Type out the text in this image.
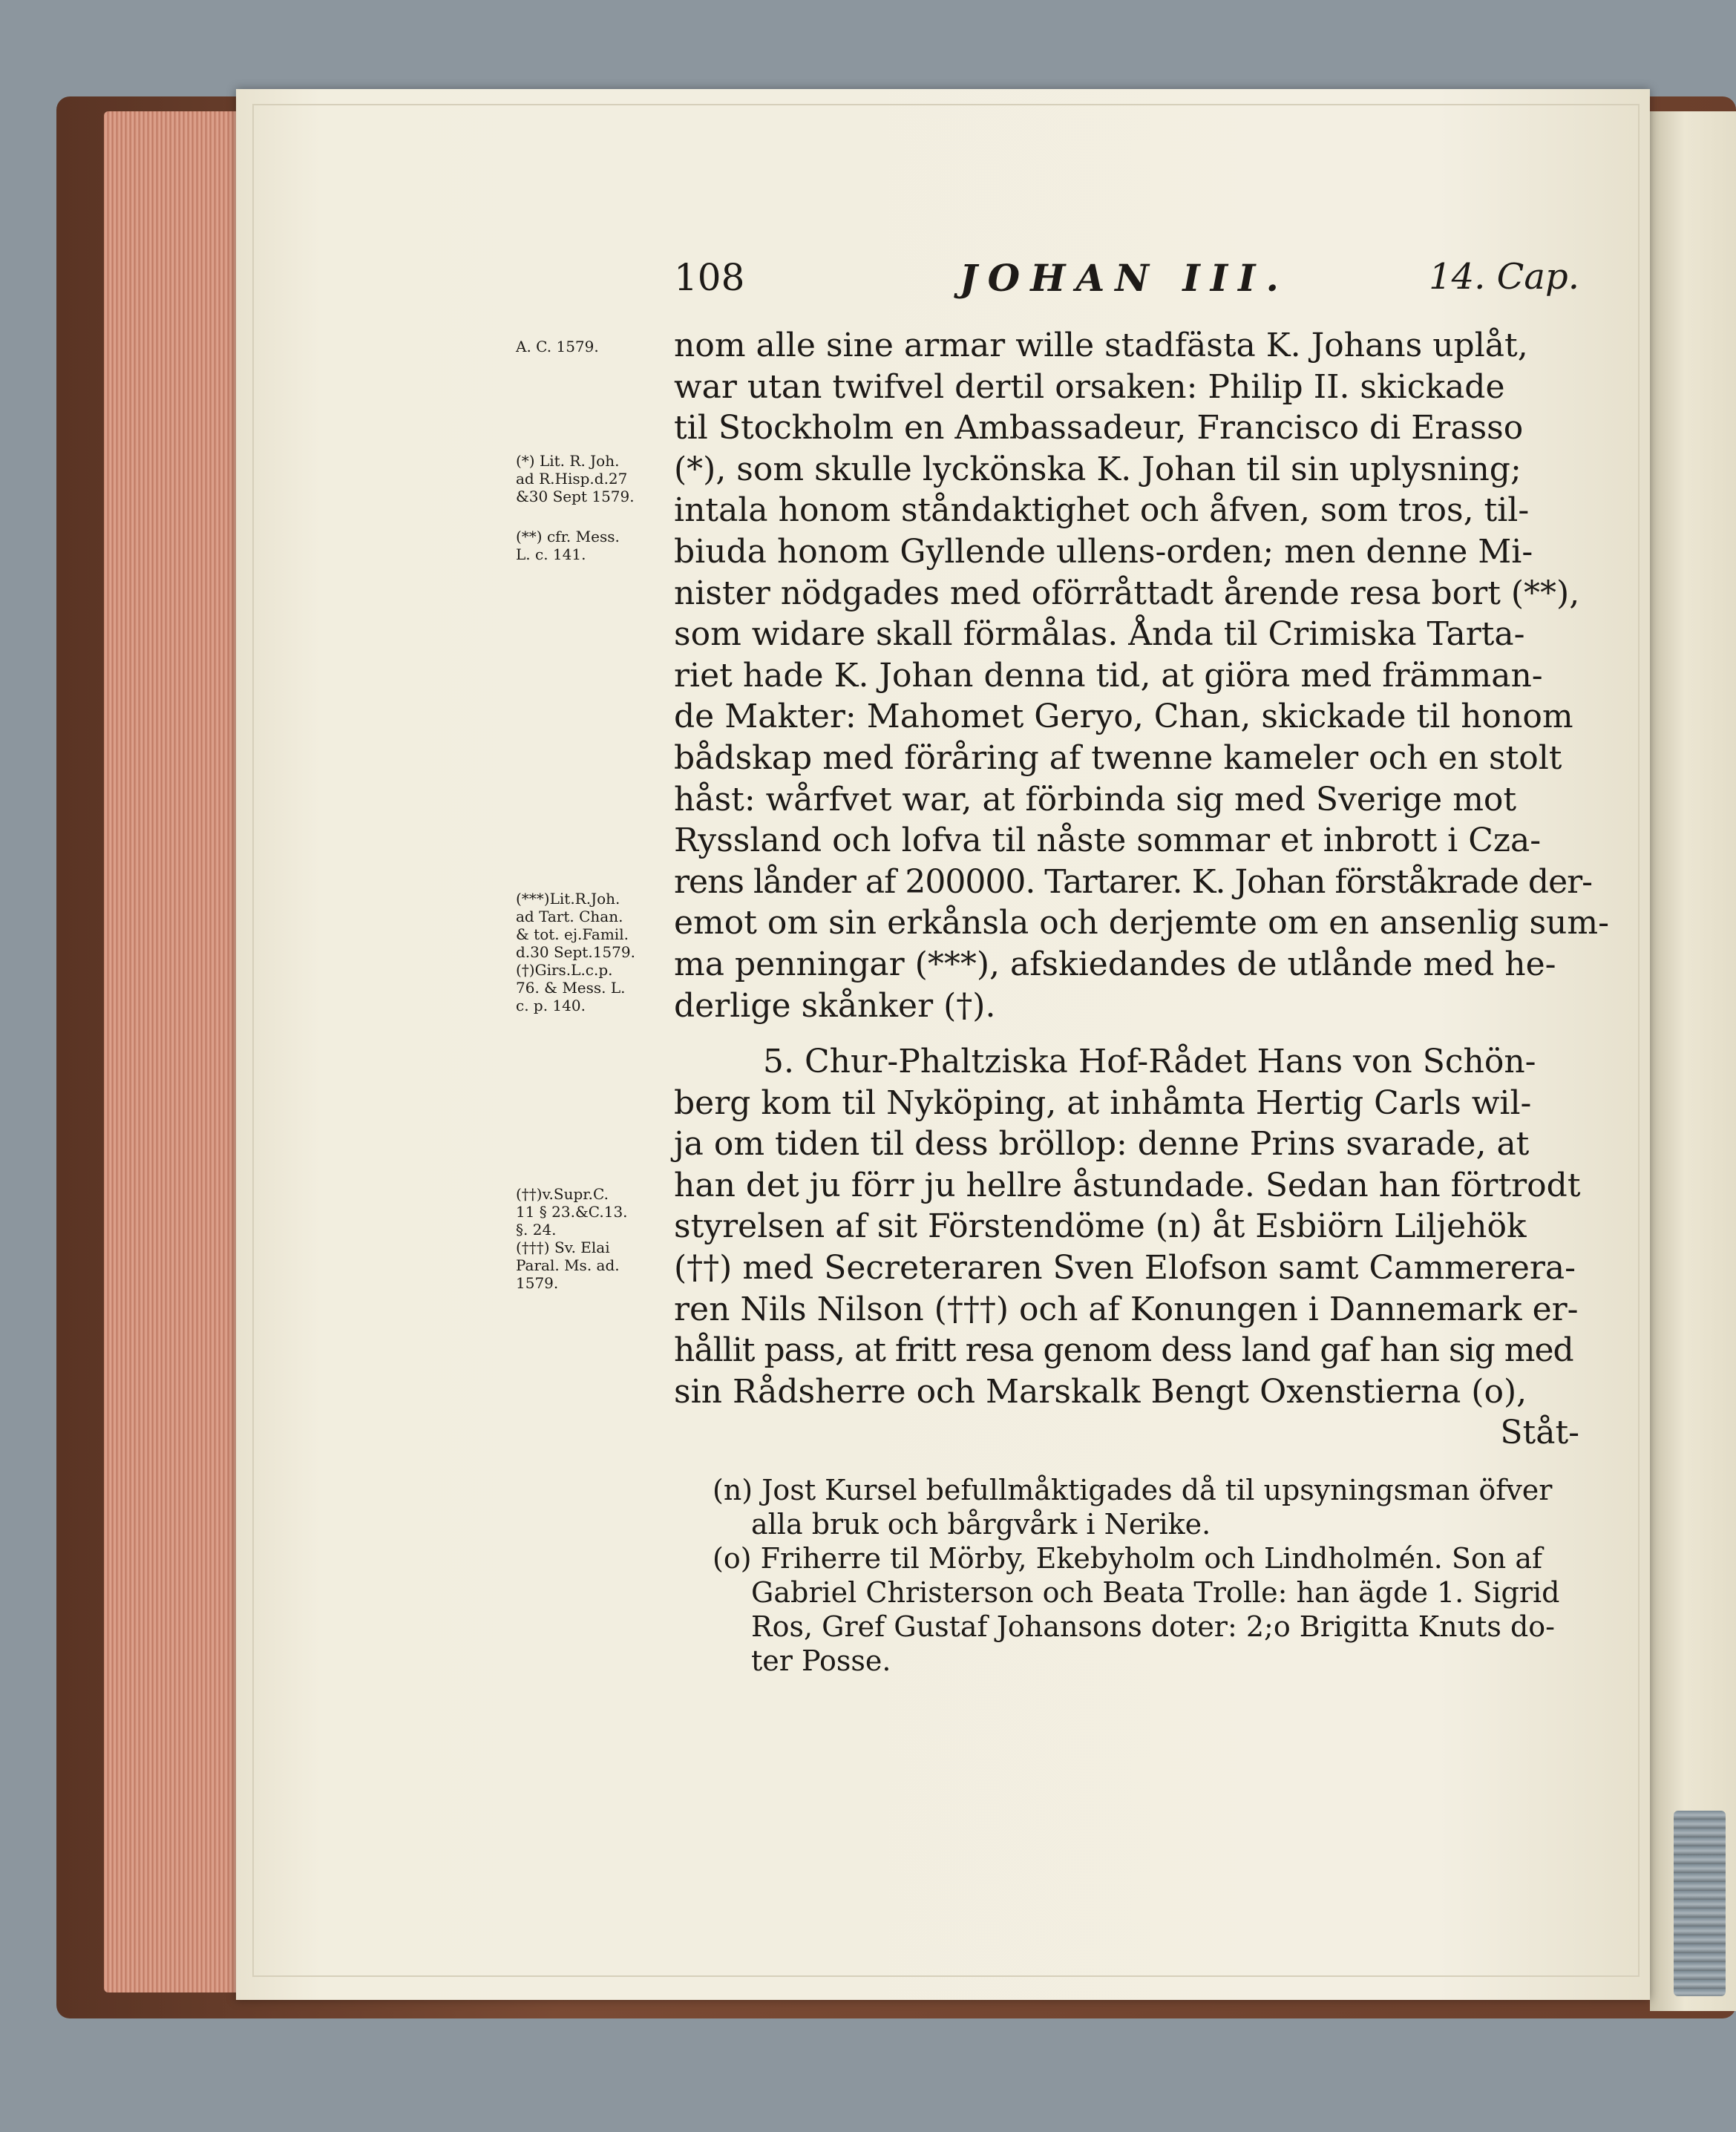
108	JOHAN III.	14. Cap.
A. C. 1579.
(*) Lit. R. Joh.
ad R.Hisp.d.27
&30 Sept 1579.
(**) cfr. Mess.
L. c. 141.
(***)Lit.R.Joh.
ad Tart. Chan.
& tot. ej.Famil.
d.30 Sept.1579.
(†)Girs.L.c.p.
76. & Mess. L.
c. p. 140.
(††)v.Supr.C.
11 § 23.&C.13.
§. 24.
(†††) Sv. Elai
Paral. Ms. ad.
1579.
nom alle sine armar wille stadfästa K. Johans uplåt,
war utan twifvel dertil orsaken: Philip II. skickade
til Stockholm en Ambassadeur, Francisco di Erasso
(*), som skulle lyckönska K. Johan til sin uplysning;
intala honom ståndaktighet och åfven, som tros, til-
biuda honom Gyllende ullens-orden; men denne Mi-
nister nödgades med oförråttadt årende resa bort (**),
som widare skall förmålas. Ånda til Crimiska Tarta-
riet hade K. Johan denna tid, at giöra med främman-
de Makter: Mahomet Geryo, Chan, skickade til honom
bådskap med föråring af twenne kameler och en stolt
håst: wårfvet war, at förbinda sig med Sverige mot
Ryssland och lofva til nåste sommar et inbrott i Cza-
rens lånder af 200000. Tartarer. K. Johan förståkrade der-
emot om sin erkånsla och derjemte om en ansenlig sum-
ma penningar (***), afskiedandes de utlånde med he-
derlige skånker (†).
5. Chur-Phaltziska Hof-Rådet Hans von Schön-
berg kom til Nyköping, at inhåmta Hertig Carls wil-
ja om tiden til dess bröllop: denne Prins svarade, at
han det ju förr ju hellre åstundade. Sedan han förtrodt
styrelsen af sit Förstendöme (n) åt Esbiörn Liljehök
(††) med Secreteraren Sven Elofson samt Cammerera-
ren Nils Nilson (†††) och af Konungen i Dannemark er-
hållit pass, at fritt resa genom dess land gaf han sig med
sin Rådsherre och Marskalk Bengt Oxenstierna (o),
Ståt-
(n) Jost Kursel befullmåktigades då til upsyningsman öfver
alla bruk och bårgvårk i Nerike.
(o) Friherre til Mörby, Ekebyholm och Lindholmén. Son af
Gabriel Christerson och Beata Trolle: han ägde 1. Sigrid
Ros, Gref Gustaf Johansons doter: 2;o Brigitta Knuts do-
ter Posse.
